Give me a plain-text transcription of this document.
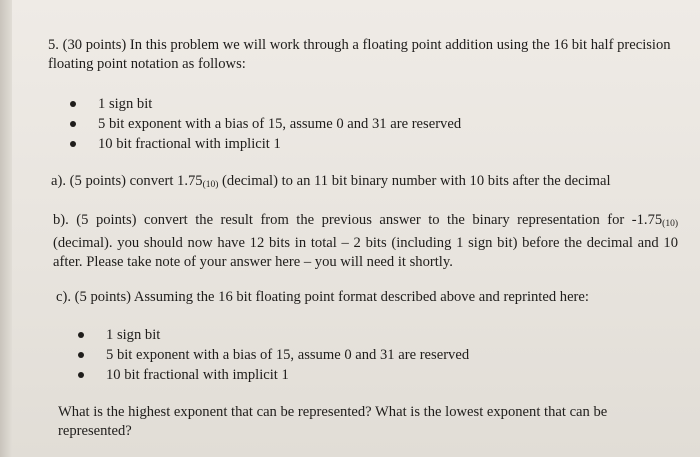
5. (30 points) In this problem we will work through a floating point addition using the 16 bit half precision floating point notation as follows:

1 sign bit
5 bit exponent with a bias of 15, assume 0 and 31 are reserved
10 bit fractional with implicit 1

a). (5 points) convert $1.75_{(10)}$ (decimal) to an 11 bit binary number with 10 bits after the decimal

b). (5 points) convert the result from the previous answer to the binary representation for $-1.75_{(10)}$ (decimal). you should now have 12 bits in total – 2 bits (including 1 sign bit) before the decimal and 10 after. Please take note of your answer here – you will need it shortly.

c). (5 points) Assuming the 16 bit floating point format described above and reprinted here:

1 sign bit
5 bit exponent with a bias of 15, assume 0 and 31 are reserved
10 bit fractional with implicit 1

What is the highest exponent that can be represented? What is the lowest exponent that can be represented?
